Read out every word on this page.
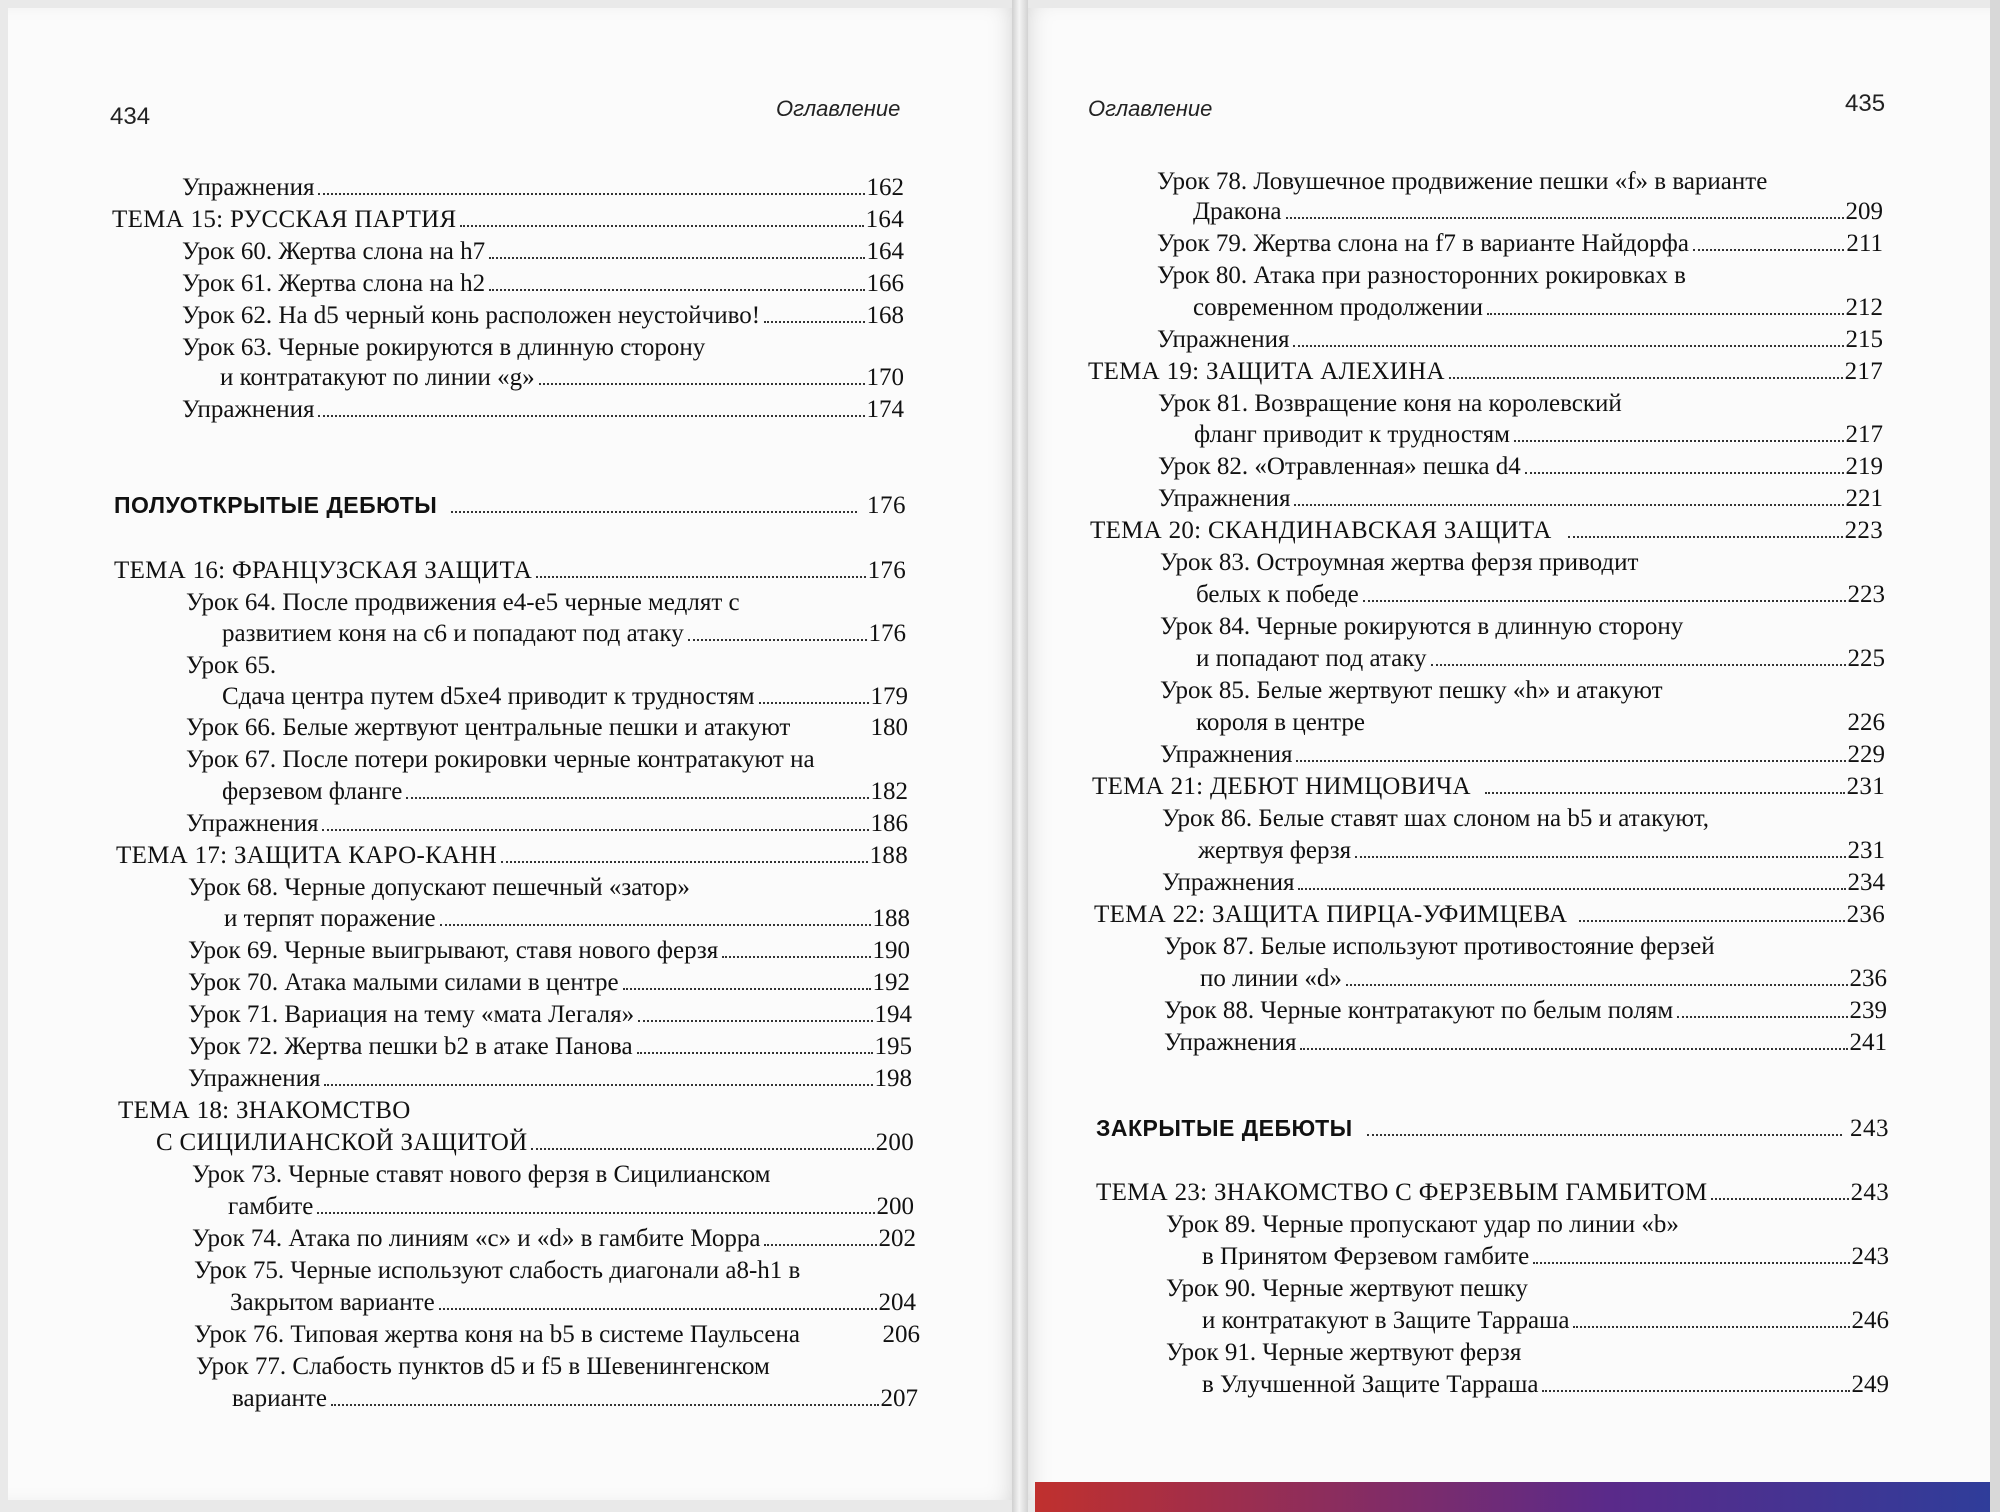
434	Оглавление	435
Оглавление
Упражнения	162
ТЕМА 15: РУССКАЯ ПАРТИЯ	164
Урок 60. Жертва слона на h7	164
Урок 61. Жертва слона на h2	166
Урок 62. На d5 черный конь расположен неустойчиво!	168
Урок 63. Черные рокируются в длинную сторону
и контратакуют по линии «g»	170
Упражнения	174
ПОЛУОТКРЫТЫЕ ДЕБЮТЫ	176
ТЕМА 16: ФРАНЦУЗСКАЯ ЗАЩИТА	176
Урок 64. После продвижения е4-е5 черные медлят с
развитием коня на с6 и попадают под атаку	176
Урок 65.
Сдача центра путем d5xe4 приводит к трудностям	179
Урок 66. Белые жертвуют центральные пешки и атакуют	180
Урок 67. После потери рокировки черные контратакуют на
ферзевом фланге	182
Упражнения	186
ТЕМА 17: ЗАЩИТА КАРО-КАНН	188
Урок 68. Черные допускают пешечный «затор»
и терпят поражение	188
Урок 69. Черные выигрывают, ставя нового ферзя	190
Урок 70. Атака малыми силами в центре	192
Урок 71. Вариация на тему «мата Легаля»	194
Урок 72. Жертва пешки b2 в атаке Панова	195
Упражнения	198
ТЕМА 18: ЗНАКОМСТВО
С СИЦИЛИАНСКОЙ ЗАЩИТОЙ	200
Урок 73. Черные ставят нового ферзя в Сицилианском
гамбите	200
Урок 74. Атака по линиям «с» и «d» в гамбите Морра	202
Урок 75. Черные используют слабость диагонали а8-h1 в
Закрытом варианте	204
Урок 76. Типовая жертва коня на b5 в системе Паульсена	206
Урок 77. Слабость пунктов d5 и f5 в Шевенингенском
варианте	207
Урок 78. Ловушечное продвижение пешки «f» в варианте
Дракона	209
Урок 79. Жертва слона на f7 в варианте Найдорфа	211
Урок 80. Атака при разносторонних рокировках в
современном продолжении	212
Упражнения	215
ТЕМА 19: ЗАЩИТА АЛЕХИНА	217
Урок 81. Возвращение коня на королевский
фланг приводит к трудностям	217
Урок 82. «Отравленная» пешка d4	219
Упражнения	221
ТЕМА 20: СКАНДИНАВСКАЯ ЗАЩИТА	223
Урок 83. Остроумная жертва ферзя приводит
белых к победе	223
Урок 84. Черные рокируются в длинную сторону
и попадают под атаку	225
Урок 85. Белые жертвуют пешку «h» и атакуют
короля в центре	226
Упражнения	229
ТЕМА 21: ДЕБЮТ НИМЦОВИЧА	231
Урок 86. Белые ставят шах слоном на b5 и атакуют,
жертвуя ферзя	231
Упражнения	234
ТЕМА 22: ЗАЩИТА ПИРЦА-УФИМЦЕВА	236
Урок 87. Белые используют противостояние ферзей
по линии «d»	236
Урок 88. Черные контратакуют по белым полям	239
Упражнения	241
ЗАКРЫТЫЕ ДЕБЮТЫ	243
ТЕМА 23: ЗНАКОМСТВО С ФЕРЗЕВЫМ ГАМБИТОМ	243
Урок 89. Черные пропускают удар по линии «b»
в Принятом Ферзевом гамбите	243
Урок 90. Черные жертвуют пешку
и контратакуют в Защите Тарраша	246
Урок 91. Черные жертвуют ферзя
в Улучшенной Защите Тарраша	249
